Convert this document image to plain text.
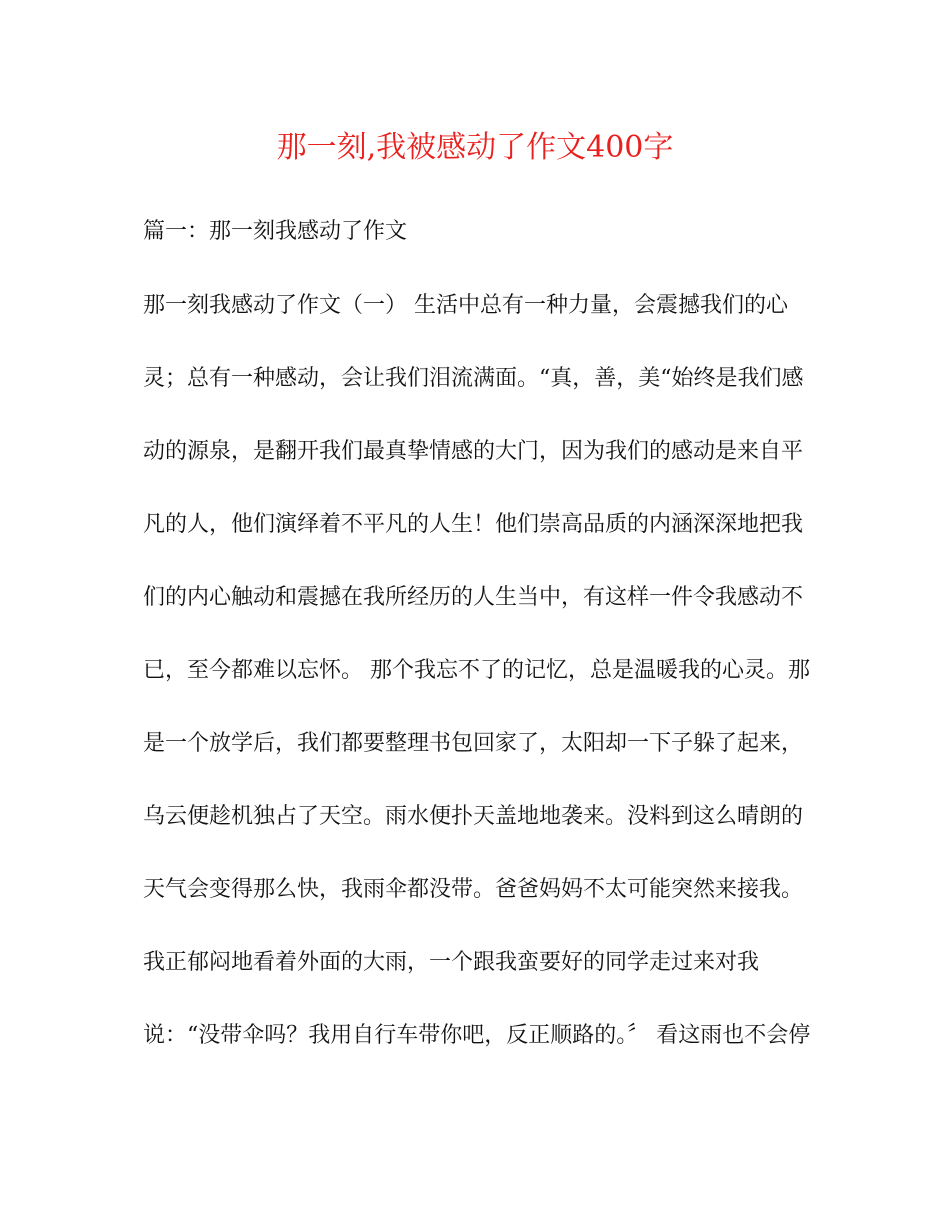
那一刻,我被感动了作文400字
篇一：那一刻我感动了作文
那一刻我感动了作文（一） 生活中总有一种力量，会震撼我们的心
灵；总有一种感动，会让我们泪流满面。“真，善，美“始终是我们感
动的源泉，是翻开我们最真挚情感的大门，因为我们的感动是来自平
凡的人，他们演绎着不平凡的人生！他们崇高品质的内涵深深地把我
们的内心触动和震撼在我所经历的人生当中，有这样一件令我感动不
已，至今都难以忘怀。 那个我忘不了的记忆，总是温暖我的心灵。那
是一个放学后，我们都要整理书包回家了，太阳却一下子躲了起来，
乌云便趁机独占了天空。雨水便扑天盖地地袭来。没料到这么晴朗的
天气会变得那么快，我雨伞都没带。爸爸妈妈不太可能突然来接我。
我正郁闷地看着外面的大雨，一个跟我蛮要好的同学走过来对我
说：“没带伞吗？我用自行车带你吧，反正顺路的。〞 看这雨也不会停
